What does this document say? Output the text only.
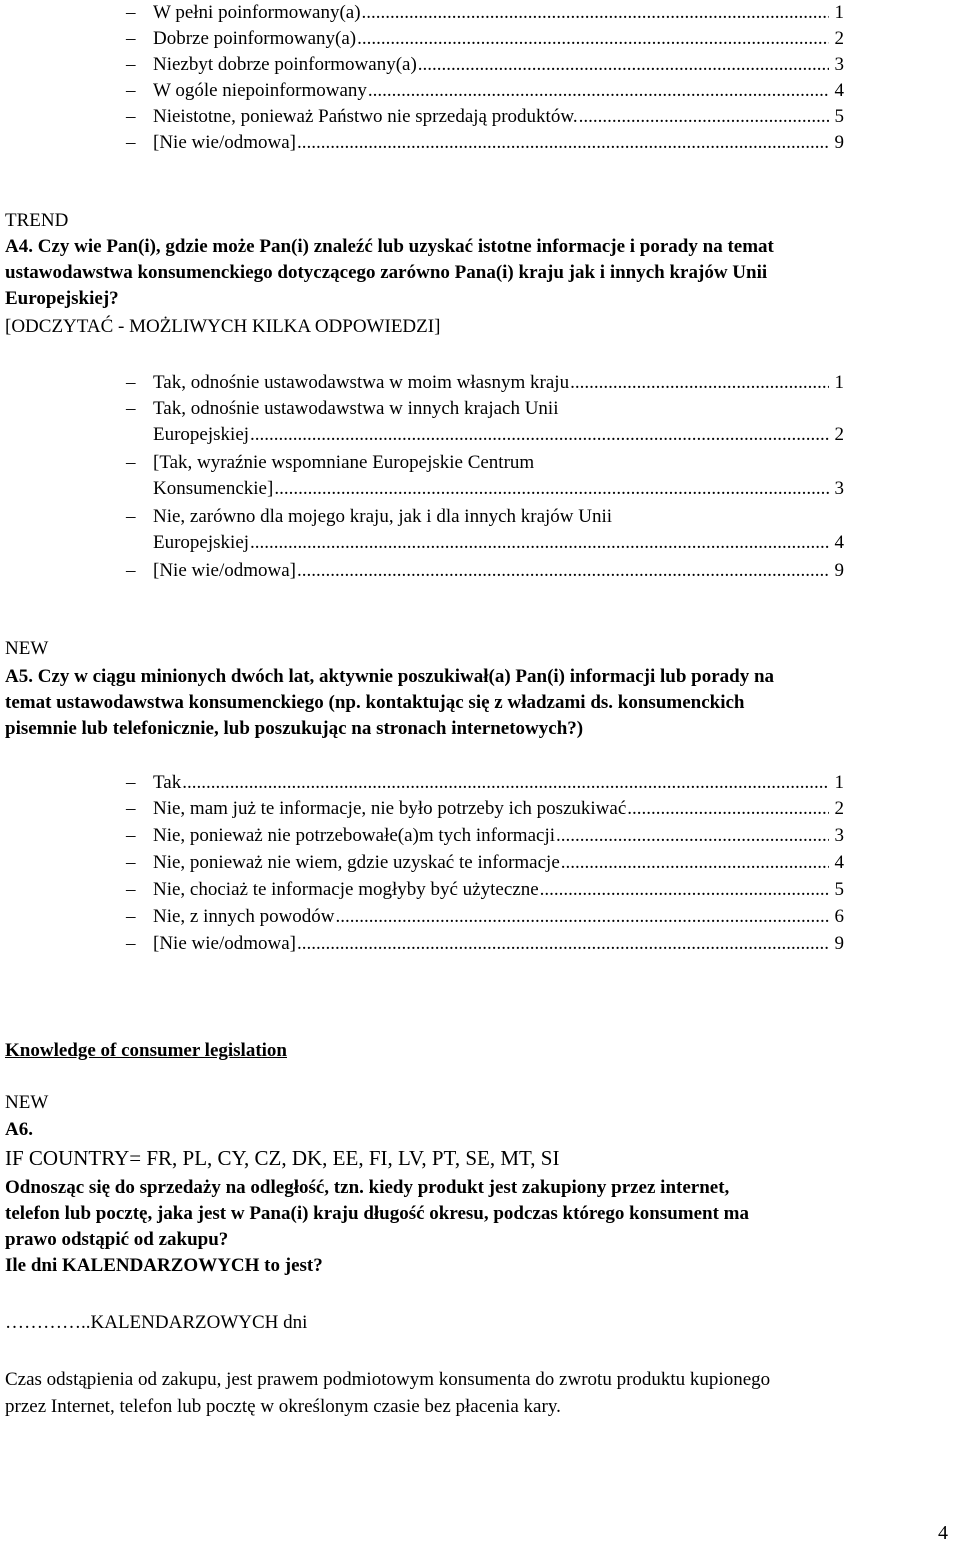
– W pełni poinformowany(a) .....	1
– Dobrze poinformowany(a) .....	2
– Niezbyt dobrze poinformowany(a) .....	3
– W ogóle niepoinformowany .....	4
– Nieistotne, ponieważ Państwo nie sprzedają produktów. .....	5
– [Nie wie/odmowa] .....	9
TREND
A4. Czy wie Pan(i), gdzie może Pan(i) znaleźć lub uzyskać istotne informacje i porady na temat
ustawodawstwa konsumenckiego dotyczącego zarówno Pana(i) kraju jak i innych krajów Unii
Europejskiej?
[ODCZYTAĆ - MOŻLIWYCH KILKA ODPOWIEDZI]
– Tak, odnośnie ustawodawstwa w moim własnym kraju .....	1
– Tak, odnośnie ustawodawstwa w innych krajach Unii
Europejskiej .....	2
– [Tak, wyraźnie wspomniane Europejskie Centrum
Konsumenckie] .....	3
– Nie, zarówno dla mojego kraju, jak i dla innych krajów Unii
Europejskiej .....	4
– [Nie wie/odmowa] .....	9
NEW
A5. Czy w ciągu minionych dwóch lat, aktywnie poszukiwał(a) Pan(i) informacji lub porady na
temat ustawodawstwa konsumenckiego (np. kontaktując się z władzami ds. konsumenckich
pisemnie lub telefonicznie, lub poszukując na stronach internetowych?)
– Tak .....	1
– Nie, mam już te informacje, nie było potrzeby ich poszukiwać .....	2
– Nie, ponieważ nie potrzebowałe(a)m tych informacji .....	3
– Nie, ponieważ nie wiem, gdzie uzyskać te informacje .....	4
– Nie, chociaż te informacje mogłyby być użyteczne .....	5
– Nie, z innych powodów .....	6
– [Nie wie/odmowa] .....	9
Knowledge of consumer legislation
NEW
A6.
IF COUNTRY= FR, PL, CY, CZ, DK, EE, FI, LV, PT, SE, MT, SI
Odnosząc się do sprzedaży na odległość, tzn. kiedy produkt jest zakupiony przez internet,
telefon lub pocztę, jaka jest w Pana(i) kraju długość okresu, podczas którego konsument ma
prawo odstąpić od zakupu?
Ile dni KALENDARZOWYCH to jest?
…………..KALENDARZOWYCH dni
Czas odstąpienia od zakupu, jest prawem podmiotowym konsumenta do zwrotu produktu kupionego
przez Internet, telefon lub pocztę w określonym czasie bez płacenia kary.
4
